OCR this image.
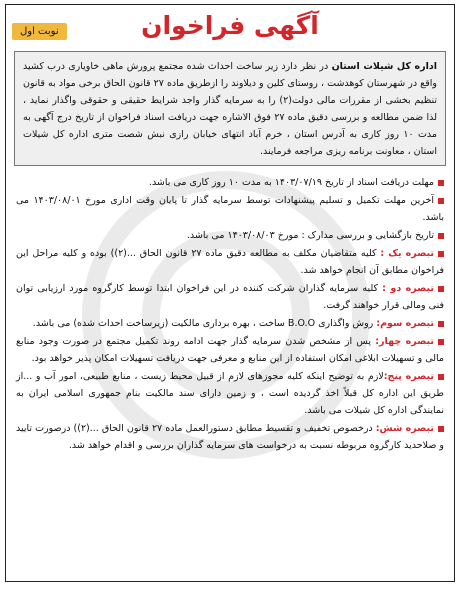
آگهی فراخوان
نوبت اول
اداره کل شیلات استان در نظر دارد زیر ساخت احداث شده مجتمع پرورش ماهی خاویاری درب کشید واقع در شهرستان کوهدشت ، روستای کلین و دیلاوند را ازطریق ماده ۲۷ قانون الحاق برخی مواد به قانون تنظیم بخشی از مقررات مالی دولت(۲) را به سرمایه گذار واجد شرایط حقیقی و حقوقی واگذار نماید ، لذا ضمن مطالعه و بررسی دقیق ماده ۲۷ فوق الاشاره جهت دریافت اسناد فراخوان از تاریخ درج آگهی به مدت ۱۰ روز کاری به آدرس استان ، خرم آباد انتهای خیابان رازی نبش شصت متری اداره کل شیلات استان ، معاونت برنامه ریزی مراجعه فرمایند.
مهلت دریافت اسناد از تاریخ ۱۴۰۳/۰۷/۱۹ به مدت ۱۰ روز کاری می باشد.
آخرین مهلت تکمیل و تسلیم پیشنهادات توسط سرمایه گذار تا پایان وقت اداری مورخ ۱۴۰۳/۰۸/۰۱ می باشد.
تاریخ بازگشایی و بررسی مدارک : مورخ ۱۴۰۳/۰۸/۰۳ می باشد.
تبصره یک : کلیه متقاضیان مکلف به مطالعه دقیق ماده ۲۷ قانون الحاق ...(۲)) بوده و کلیه مراحل این فراخوان مطابق آن انجام خواهد شد.
تبصره دو : کلیه سرمایه گذاران شرکت کننده در این فراخوان ابتدا توسط کارگروه مورد ارزیابی توان فنی ومالی قرار خواهند گرفت.
تبصره سوم: روش واگذاری B.O.O ساخت ، بهره برداری مالکیت (زیرساخت احداث شده) می باشد.
تبصره چهار: پس از مشخص شدن سرمایه گذار جهت ادامه روند تکمیل مجتمع در صورت وجود منابع مالی و تسهیلات ابلاغی امکان استفاده از این منابع و معرفی جهت دریافت تسهیلات امکان پذیر خواهد بود.
تبصره پنج:لازم به توضیح اینکه کلیه مجوزهای لازم از قبیل محیط زیست ، منابع طبیعی، امور آب و ...از طریق این اداره کل قبلاً اخذ گردیده است ، و زمین دارای سند مالکیت بنام جمهوری اسلامی ایران به نمایندگی اداره کل شیلات می باشد.
تبصره شش: درخصوص تخفیف و تقسیط مطابق دستورالعمل ماده ۲۷ قانون الحاق ...(۲)) درصورت تایید و صلاحدید کارگروه مربوطه نسبت به درخواست های سرمایه گذاران بررسی و اقدام خواهد شد.
